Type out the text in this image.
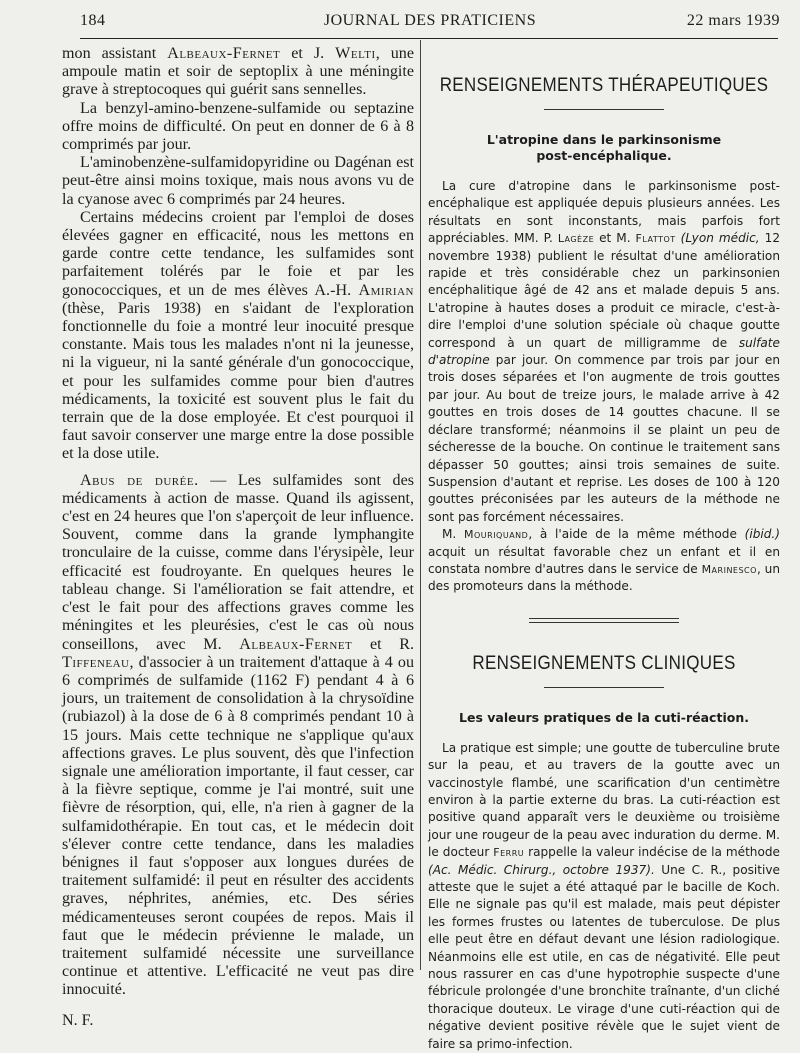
184	JOURNAL DES PRATICIENS	22 mars 1939

mon assistant Albeaux-Fernet et J. Welti, une ampoule matin et soir de septoplix à une méningite grave à streptocoques qui guérit sans sennelles.

La benzyl-amino-benzene-sulfamide ou septazine offre moins de difficulté. On peut en donner de 6 à 8 comprimés par jour.

L'aminobenzène-sulfamidopyridine ou Dagénan est peut-être ainsi moins toxique, mais nous avons vu de la cyanose avec 6 comprimés par 24 heures.

Certains médecins croient par l'emploi de doses élevées gagner en efficacité, nous les mettons en garde contre cette tendance, les sulfamides sont parfaitement tolérés par le foie et par les gonococciques, et un de mes élèves A.-H. Amirian (thèse, Paris 1938) en s'aidant de l'exploration fonctionnelle du foie a montré leur inocuité presque constante. Mais tous les malades n'ont ni la jeunesse, ni la vigueur, ni la santé générale d'un gonococcique, et pour les sulfamides comme pour bien d'autres médicaments, la toxicité est souvent plus le fait du terrain que de la dose employée. Et c'est pourquoi il faut savoir conserver une marge entre la dose possible et la dose utile.

Abus de durée. — Les sulfamides sont des médicaments à action de masse. Quand ils agissent, c'est en 24 heures que l'on s'aperçoit de leur influence. Souvent, comme dans la grande lymphangite tronculaire de la cuisse, comme dans l'érysipèle, leur efficacité est foudroyante. En quelques heures le tableau change. Si l'amélioration se fait attendre, et c'est le fait pour des affections graves comme les méningites et les pleurésies, c'est le cas où nous conseillons, avec M. Albeaux-Fernet et R. Tiffeneau, d'associer à un traitement d'attaque à 4 ou 6 comprimés de sulfamide (1162 F) pendant 4 à 6 jours, un traitement de consolidation à la chrysoïdine (rubiazol) à la dose de 6 à 8 comprimés pendant 10 à 15 jours. Mais cette technique ne s'applique qu'aux affections graves. Le plus souvent, dès que l'infection signale une amélioration importante, il faut cesser, car à la fièvre septique, comme je l'ai montré, suit une fièvre de résorption, qui, elle, n'a rien à gagner de la sulfamidothérapie. En tout cas, et le médecin doit s'élever contre cette tendance, dans les maladies bénignes il faut s'opposer aux longues durées de traitement sulfamidé: il peut en résulter des accidents graves, néphrites, anémies, etc. Des séries médicamenteuses seront coupées de repos. Mais il faut que le médecin prévienne le malade, un traitement sulfamidé nécessite une surveillance continue et attentive. L'efficacité ne veut pas dire innocuité.

N. F.

RENSEIGNEMENTS THÉRAPEUTIQUES
L'atropine dans le parkinsonisme
post-encéphalique.

La cure d'atropine dans le parkinsonisme post-encéphalique est appliquée depuis plusieurs années. Les résultats en sont inconstants, mais parfois fort appréciables. MM. P. Lagèze et M. Flattot (Lyon médic, 12 novembre 1938) publient le résultat d'une amélioration rapide et très considérable chez un parkinsonien encéphalitique âgé de 42 ans et malade depuis 5 ans. L'atropine à hautes doses a produit ce miracle, c'est-à-dire l'emploi d'une solution spéciale où chaque goutte correspond à un quart de milligramme de sulfate d'atropine par jour. On commence par trois par jour en trois doses séparées et l'on augmente de trois gouttes par jour. Au bout de treize jours, le malade arrive à 42 gouttes en trois doses de 14 gouttes chacune. Il se déclare transformé; néanmoins il se plaint un peu de sécheresse de la bouche. On continue le traitement sans dépasser 50 gouttes; ainsi trois semaines de suite. Suspension d'autant et reprise. Les doses de 100 à 120 gouttes préconisées par les auteurs de la méthode ne sont pas forcément nécessaires.

M. Mouriquand, à l'aide de la même méthode (ibid.) acquit un résultat favorable chez un enfant et il en constata nombre d'autres dans le service de Marinesco, un des promoteurs dans la méthode.

RENSEIGNEMENTS CLINIQUES
Les valeurs pratiques de la cuti-réaction.

La pratique est simple; une goutte de tuberculine brute sur la peau, et au travers de la goutte avec un vaccinostyle flambé, une scarification d'un centimètre environ à la partie externe du bras. La cuti-réaction est positive quand apparaît vers le deuxième ou troisième jour une rougeur de la peau avec induration du derme. M. le docteur Ferru rappelle la valeur indécise de la méthode (Ac. Médic. Chirurg., octobre 1937). Une C. R., positive atteste que le sujet a été attaqué par le bacille de Koch. Elle ne signale pas qu'il est malade, mais peut dépister les formes frustes ou latentes de tuberculose. De plus elle peut être en défaut devant une lésion radiologique. Néanmoins elle est utile, en cas de négativité. Elle peut nous rassurer en cas d'une hypotrophie suspecte d'une fébricule prolongée d'une bronchite traînante, d'un cliché thoracique douteux. Le virage d'une cuti-réaction qui de négative devient positive révèle que le sujet vient de faire sa primo-infection.
